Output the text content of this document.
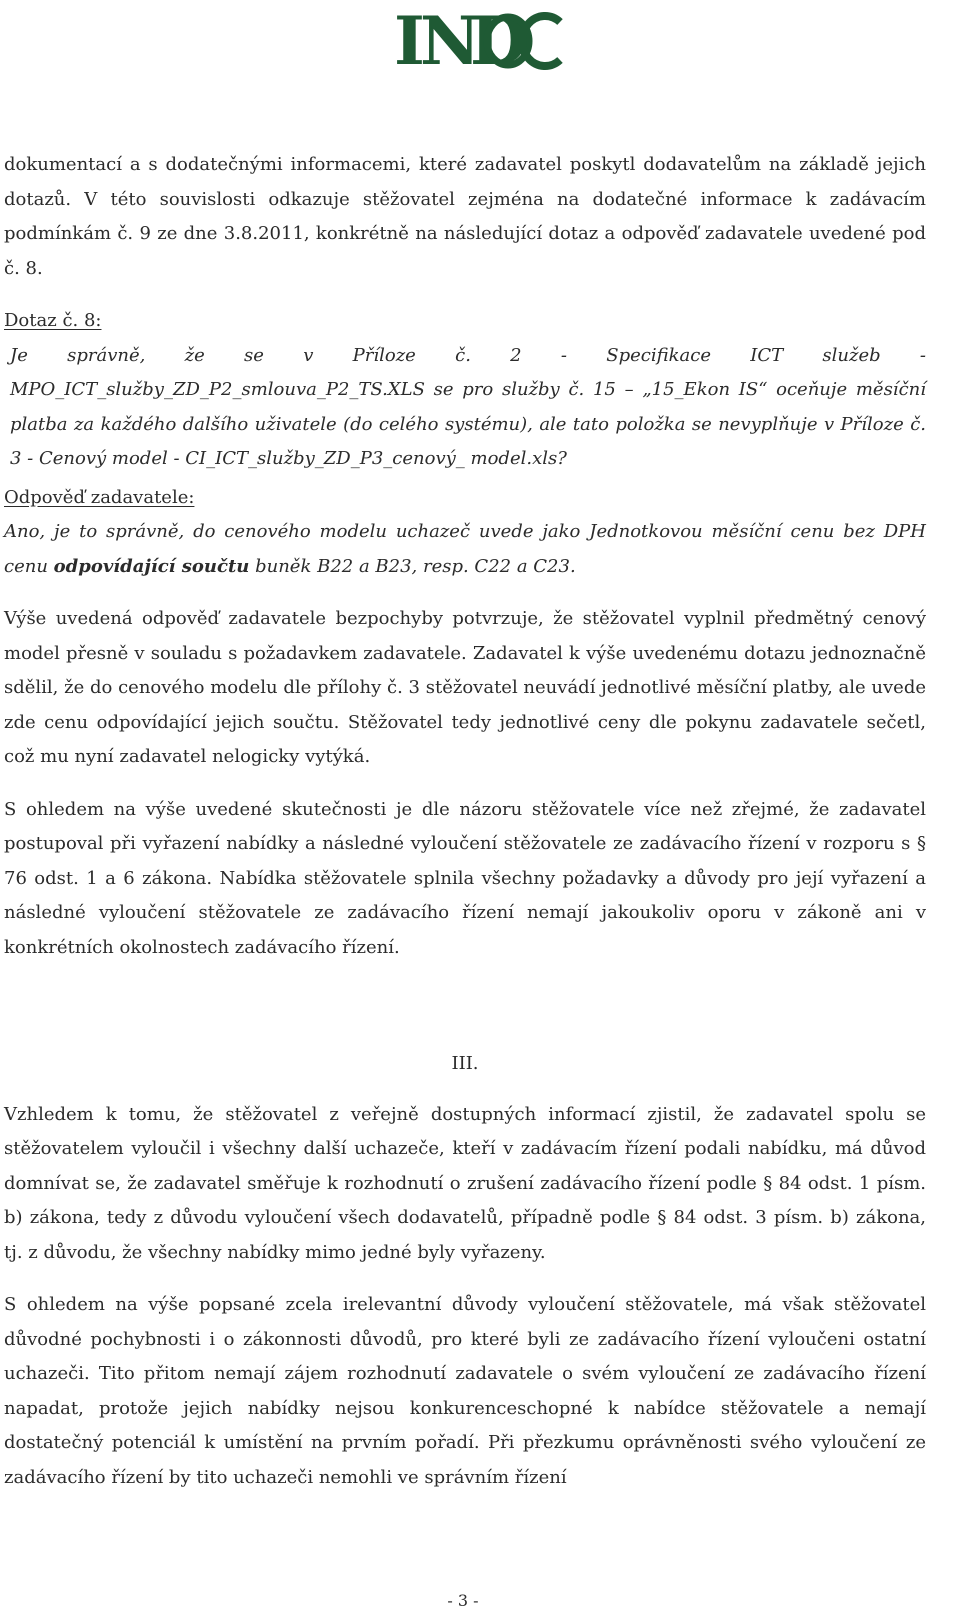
I
N
D

dokumentací a s dodatečnými informacemi, které zadavatel poskytl dodavatelům na základě jejich dotazů. V této souvislosti odkazuje stěžovatel zejména na dodatečné informace k zadávacím podmínkám č. 9 ze dne 3.8.2011, konkrétně na následující dotaz a odpověď zadavatele uvedené pod č. 8.

Dotaz č. 8:

Je správně, že se v Příloze č. 2 - Specifikace ICT služeb - MPO_ICT_služby_ZD_P2_smlouva_P2_TS.XLS se pro služby č. 15 – „15_Ekon IS“ oceňuje měsíční platba za každého dalšího uživatele (do celého systému), ale tato položka se nevyplňuje v Příloze č. 3 - Cenový model - CI_ICT_služby_ZD_P3_cenový_ model.xls?

Odpověď zadavatele:

Ano, je to správně, do cenového modelu uchazeč uvede jako Jednotkovou měsíční cenu bez DPH cenu odpovídající součtu buněk B22 a B23, resp. C22 a C23.

Výše uvedená odpověď zadavatele bezpochyby potvrzuje, že stěžovatel vyplnil předmětný cenový model přesně v souladu s požadavkem zadavatele. Zadavatel k výše uvedenému dotazu jednoznačně sdělil, že do cenového modelu dle přílohy č. 3 stěžovatel neuvádí jednotlivé měsíční platby, ale uvede zde cenu odpovídající jejich součtu. Stěžovatel tedy jednotlivé ceny dle pokynu zadavatele sečetl, což mu nyní zadavatel nelogicky vytýká.

S ohledem na výše uvedené skutečnosti je dle názoru stěžovatele více než zřejmé, že zadavatel postupoval při vyřazení nabídky a následné vyloučení stěžovatele ze zadávacího řízení v rozporu s § 76 odst. 1 a 6 zákona. Nabídka stěžovatele splnila všechny požadavky a důvody pro její vyřazení a následné vyloučení stěžovatele ze zadávacího řízení nemají jakoukoliv oporu v zákoně ani v konkrétních okolnostech zadávacího řízení.

III.

Vzhledem k tomu, že stěžovatel z veřejně dostupných informací zjistil, že zadavatel spolu se stěžovatelem vyloučil i všechny další uchazeče, kteří v zadávacím řízení podali nabídku, má důvod domnívat se, že zadavatel směřuje k rozhodnutí o zrušení zadávacího řízení podle § 84 odst. 1 písm. b) zákona, tedy z důvodu vyloučení všech dodavatelů, případně podle § 84 odst. 3 písm. b) zákona, tj. z důvodu, že všechny nabídky mimo jedné byly vyřazeny.

S ohledem na výše popsané zcela irelevantní důvody vyloučení stěžovatele, má však stěžovatel důvodné pochybnosti i o zákonnosti důvodů, pro které byli ze zadávacího řízení vyloučeni ostatní uchazeči. Tito přitom nemají zájem rozhodnutí zadavatele o svém vyloučení ze zadávacího řízení napadat, protože jejich nabídky nejsou konkurenceschopné k nabídce stěžovatele a nemají dostatečný potenciál k umístění na prvním pořadí. Při přezkumu oprávněnosti svého vyloučení ze zadávacího řízení by tito uchazeči nemohli ve správním řízení

- 3 -
